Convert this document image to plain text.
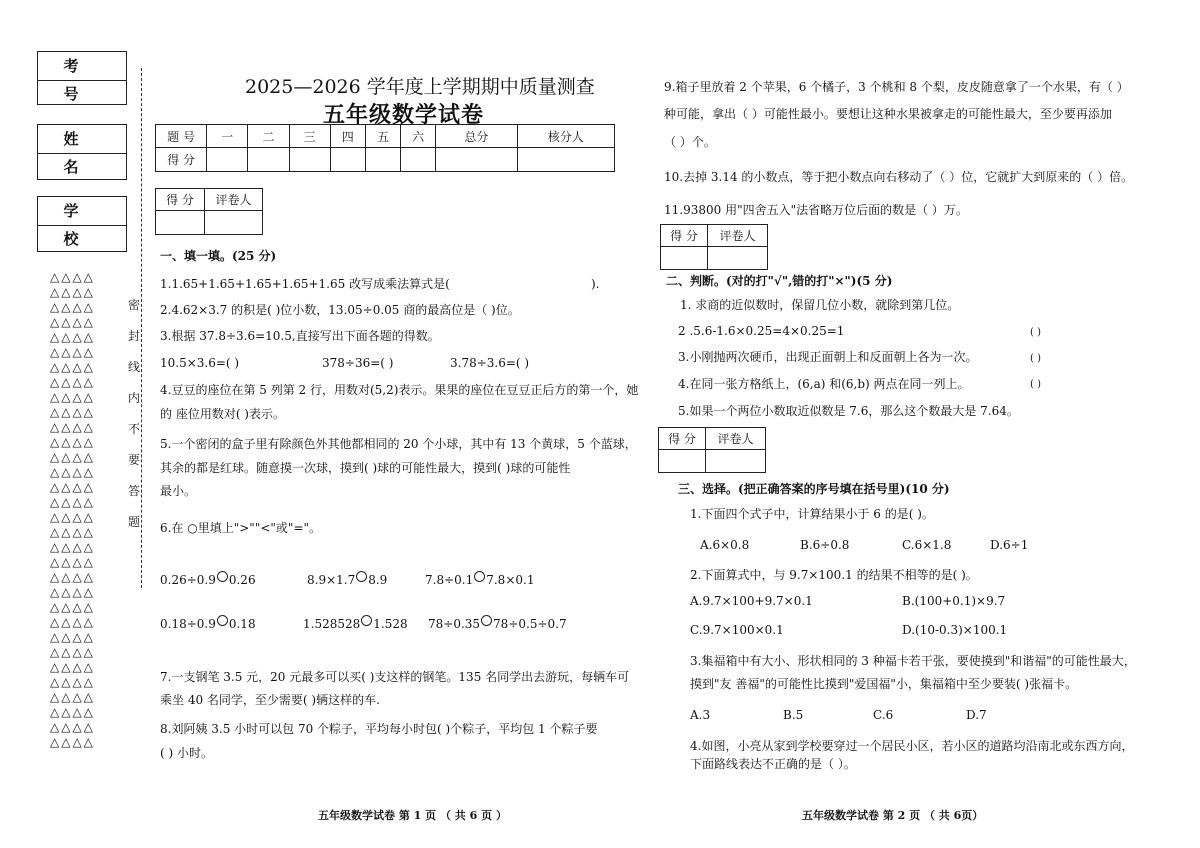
考 号
姓 名
学 校
△△△△
△△△△
△△△△
△△△△
△△△△
△△△△
△△△△
△△△△
△△△△
△△△△
△△△△
△△△△
△△△△
△△△△
△△△△
△△△△
△△△△
△△△△
△△△△
△△△△
△△△△
△△△△
△△△△
△△△△
△△△△
△△△△
△△△△
△△△△
△△△△
△△△△
△△△△
△△△△
密
封
线
内
不
要
答
题
2025—2026 学年度上学期期中质量测查
五年级数学试卷
题 号	一	二	三	四	五	六	总分	核分人
得 分								
得 分	评卷人

一、填一填。(25 分)
1.1.65+1.65+1.65+1.65+1.65 改写成乘法算式是(	).
2.4.62×3.7 的积是( )位小数，13.05÷0.05 商的最高位是（ )位。
3.根据 37.8÷3.6=10.5,直接写出下面各题的得数。
10.5×3.6=( )	378÷36=( )	3.78÷3.6=( )
4.豆豆的座位在第 5 列第 2 行，用数对(5,2)表示。果果的座位在豆豆正后方的第一个，她
的 座位用数对( )表示。
5.一个密闭的盒子里有除颜色外其他都相同的 20 个小球，其中有 13 个黄球，5 个蓝球，
其余的都是红球。随意摸一次球，摸到( )球的可能性最大，摸到( )球的可能性
最小。
6.在 ○里填上">""<"或"="。
0.26÷0.9 0.26	8.9×1.7 8.9	7.8÷0.1 7.8×0.1
0.18÷0.9 0.18	1.528528 1.528 78÷0.35 78÷0.5÷0.7
7.一支钢笔 3.5 元，20 元最多可以买( )支这样的钢笔。135 名同学出去游玩，每辆车可
乘坐 40 名同学，至少需要( )辆这样的车.
8.刘阿姨 3.5 小时可以包 70 个粽子，平均每小时包( )个粽子，平均包 1 个粽子要
( ) 小时。
五年级数学试卷 第 1 页 （ 共 6 页 ）
9.箱子里放着 2 个苹果，6 个橘子，3 个桃和 8 个梨，皮皮随意拿了一个水果，有（ ）
种可能，拿出（ ）可能性最小。要想让这种水果被拿走的可能性最大，至少要再添加
（ ）个。
10.去掉 3.14 的小数点，等于把小数点向右移动了（ ）位，它就扩大到原来的（ ）倍。
11.93800 用"四舍五入"法省略万位后面的数是（ ）万。
得 分	评卷人

二、判断。(对的打"√",错的打"×")(5 分)
1. 求商的近似数时，保留几位小数，就除到第几位。
2 .5.6-1.6×0.25=4×0.25=1	( )
3.小刚抛两次硬币，出现正面朝上和反面朝上各为一次。	( )
4.在同一张方格纸上，(6,a) 和(6,b) 两点在同一列上。	( )
5.如果一个两位小数取近似数是 7.6，那么这个数最大是 7.64。
得 分	评卷人

三、选择。(把正确答案的序号填在括号里)(10 分)
1.下面四个式子中，计算结果小于 6 的是( )。
A.6×0.8	B.6÷0.8	C.6×1.8	D.6÷1
2.下面算式中，与 9.7×100.1 的结果不相等的是( )。
A.9.7×100+9.7×0.1	B.(100+0.1)×9.7
C.9.7×100×0.1	D.(10-0.3)×100.1
3.集福箱中有大小、形状相同的 3 种福卡若干张，要使摸到"和谐福"的可能性最大，
摸到"友 善福"的可能性比摸到"爱国福"小，集福箱中至少要装( )张福卡。
A.3	B.5	C.6	D.7
4.如图，小亮从家到学校要穿过一个居民小区，若小区的道路均沿南北或东西方向，
下面路线表达不正确的是（ ）。
五年级数学试卷 第 2 页 （ 共 6页）
